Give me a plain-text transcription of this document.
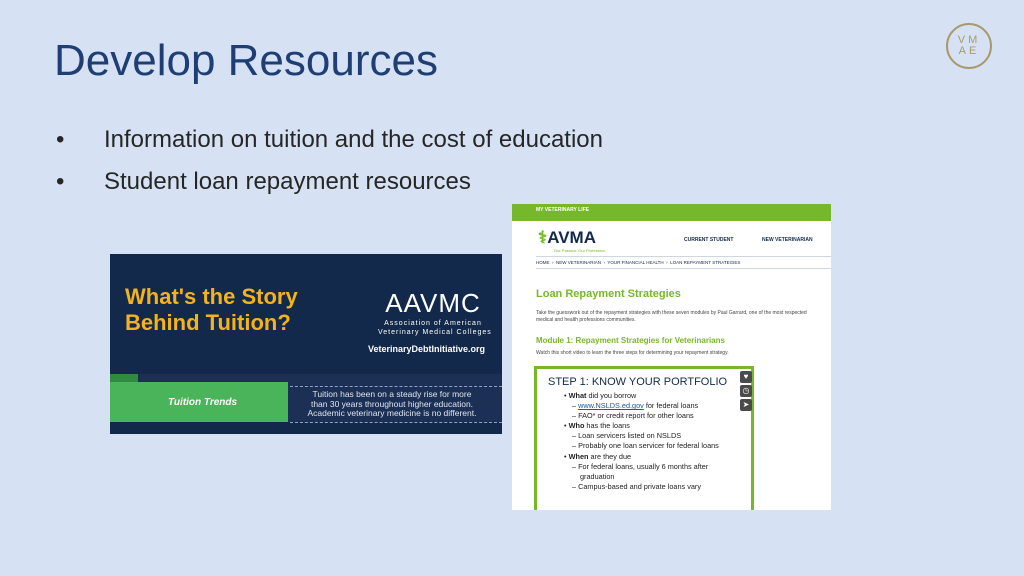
Develop Resources	VM
AE
• Information on tuition and the cost of education
• Student loan repayment resources
What's the Story
Behind Tuition?
AAVMC
Association of American
Veterinary Medical Colleges
VeterinaryDebtInitiative.org
Tuition Trends
Tuition has been on a steady rise for more
than 30 years throughout higher education.
Academic veterinary medicine is no different.
MY VETERINARY LIFE
⚕AVMA
Our Passion. Our Profession.
CURRENT STUDENT	NEW VETERINARIAN
HOME  ›  NEW VETERINARIAN  ›  YOUR FINANCIAL HEALTH  ›  LOAN REPAYMENT STRATEGIES
Loan Repayment Strategies
Take the guesswork out of the repayment strategies with these seven modules by Paul Garrard, one of the most respected
medical and health professions communities.
Module 1: Repayment Strategies for Veterinarians
Watch this short video to learn the three steps for determining your repayment strategy.
STEP 1: KNOW YOUR PORTFOLIO
• What did you borrow
– www.NSLDS.ed.gov for federal loans
– FAO* or credit report for other loans
• Who has the loans
– Loan servicers listed on NSLDS
– Probably one loan servicer for federal loans
• When are they due
– For federal loans, usually 6 months after
graduation
– Campus-based and private loans vary
♥
◷
➤
